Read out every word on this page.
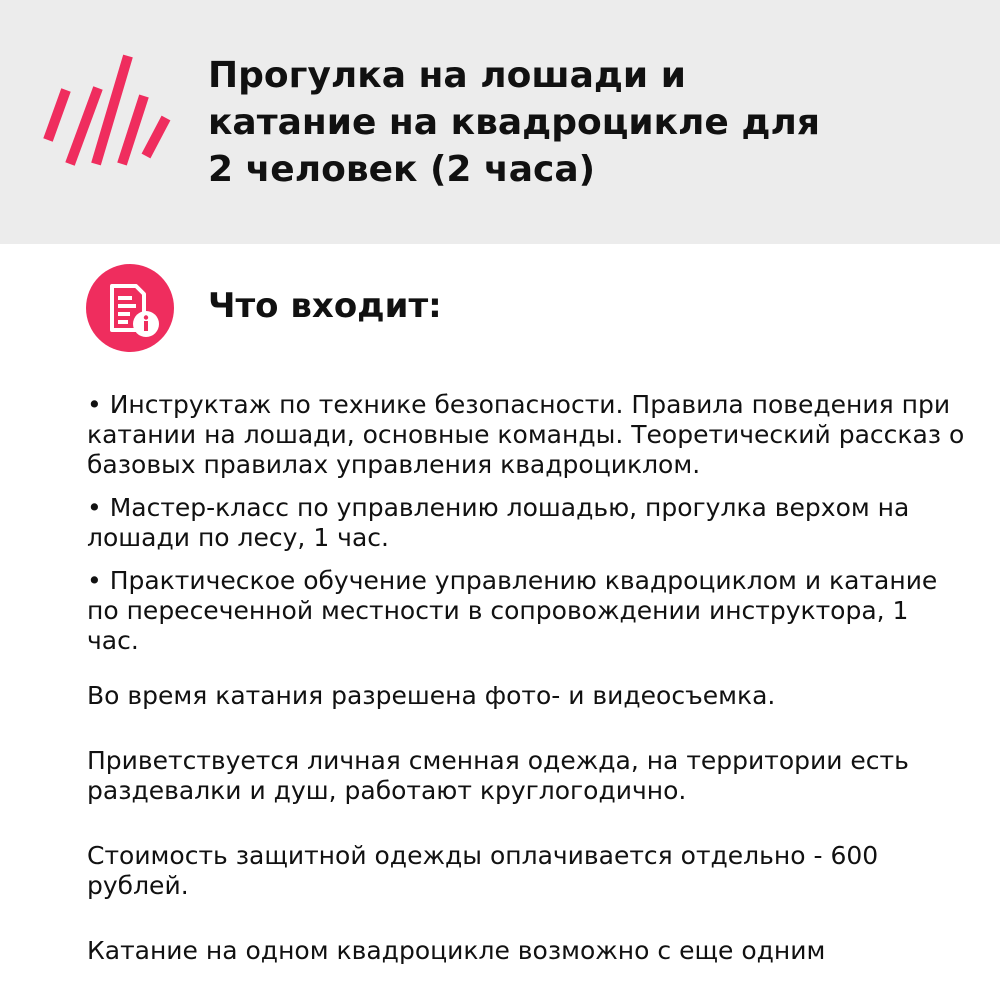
Прогулка на лошади и
катание на квадроцикле для
2 человек (2 часа)
Что входит:
• Инструктаж по технике безопасности. Правила поведения при катании на лошади, основные команды. Теоретический рассказ о базовых правилах управления квадроциклом.
• Мастер-класс по управлению лошадью, прогулка верхом на лошади по лесу, 1 час.
• Практическое обучение управлению квадроциклом и катание по пересеченной местности в сопровождении инструктора, 1 час.

Во время катания разрешена фото- и видеосъемка.

Приветствуется личная сменная одежда, на территории есть раздевалки и душ, работают круглогодично.

Стоимость защитной одежды оплачивается отдельно - 600 рублей.

Катание на одном квадроцикле возможно с еще одним
